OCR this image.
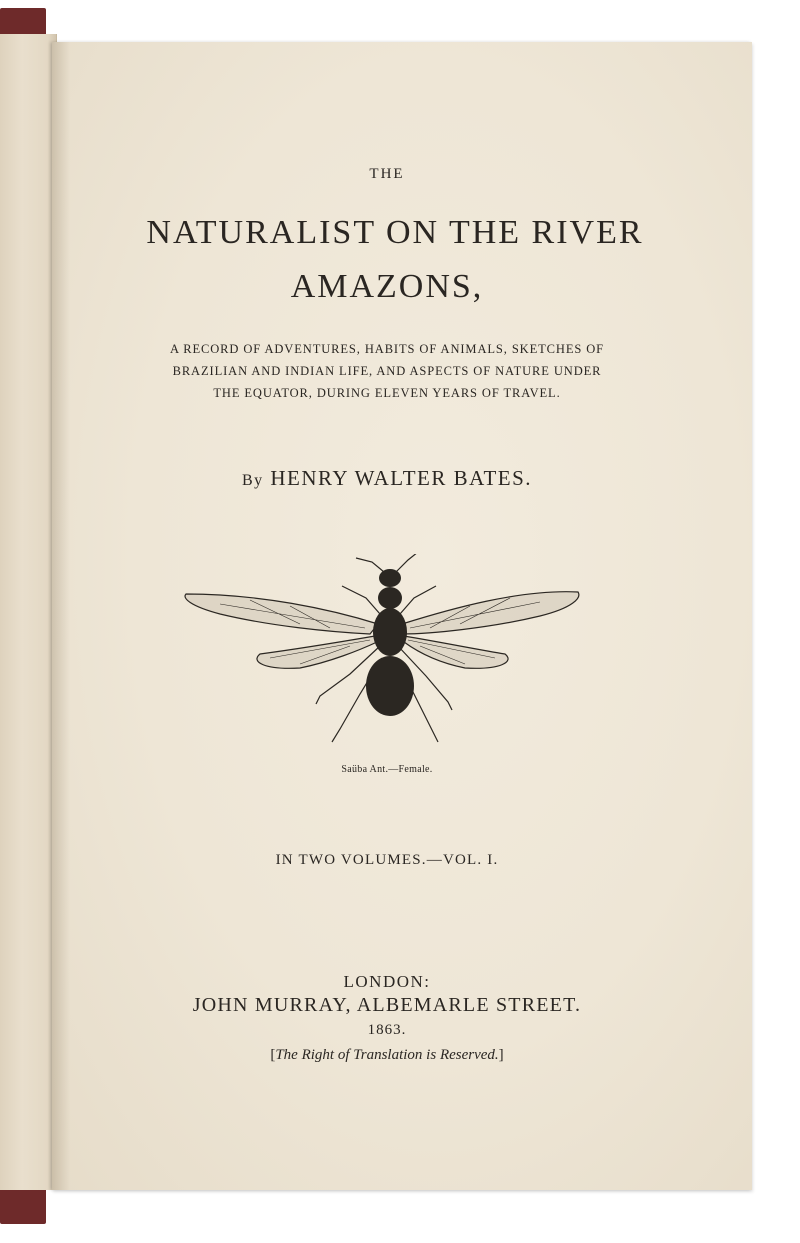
THE
NATURALIST ON THE RIVER
AMAZONS,
A RECORD OF ADVENTURES, HABITS OF ANIMALS, SKETCHES OF
BRAZILIAN AND INDIAN LIFE, AND ASPECTS OF NATURE UNDER
THE EQUATOR, DURING ELEVEN YEARS OF TRAVEL.
By HENRY WALTER BATES.
Saüba Ant.—Female.
IN TWO VOLUMES.—VOL. I.
LONDON:
JOHN MURRAY, ALBEMARLE STREET.
1863.
[The Right of Translation is Reserved.]
